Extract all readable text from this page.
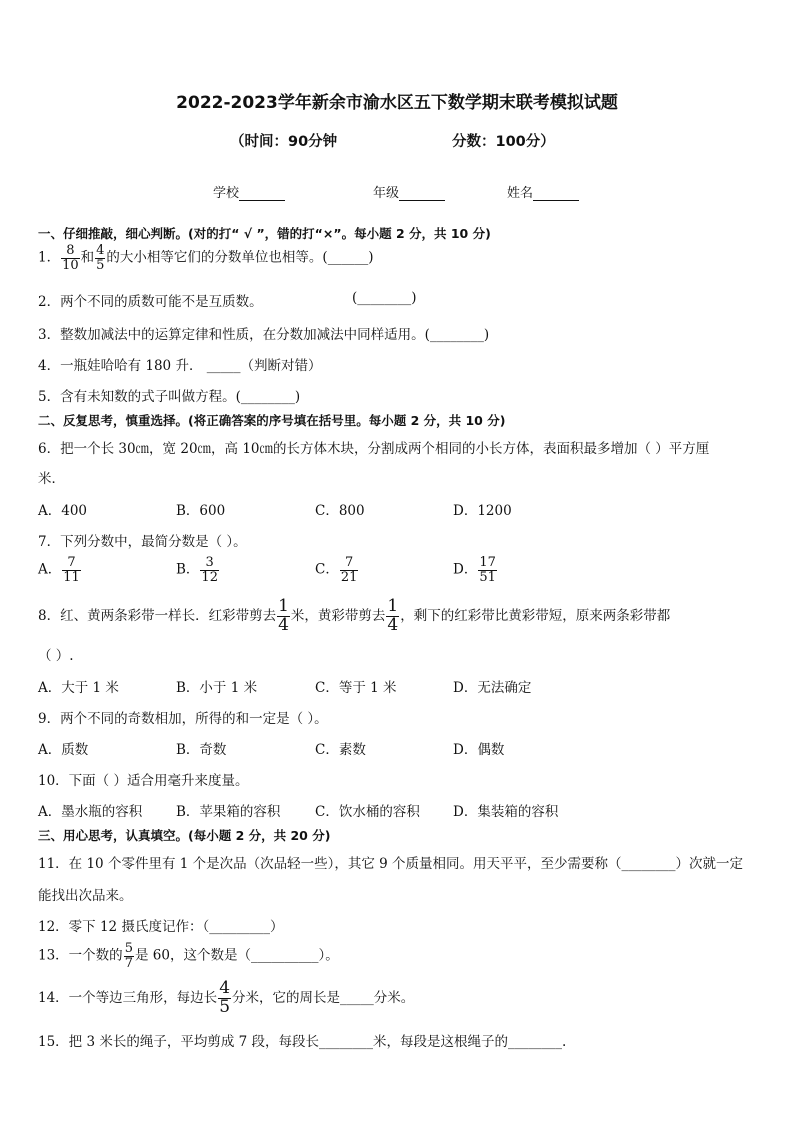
2022-2023学年新余市渝水区五下数学期末联考模拟试题
（时间：90分钟	分数：100分）
学校	年级	姓名
一、仔细推敲，细心判断。(对的打“ √ ”，错的打“×”。每小题 2 分，共 10 分)
1． $\frac{8}{10}$ 和 $\frac{4}{5}$ 的大小相等它们的分数单位也相等。(______)
2．两个不同的质数可能不是互质数。	(________)
3．整数加减法中的运算定律和性质，在分数加减法中同样适用。(________)
4．一瓶娃哈哈有 180 升． _____（判断对错）
5．含有未知数的式子叫做方程。(________)
二、反复思考，慎重选择。(将正确答案的序号填在括号里。每小题 2 分，共 10 分)
6．把一个长 30㎝，宽 20㎝，高 10㎝的长方体木块，分割成两个相同的小长方体，表面积最多增加（ ）平方厘
米．
A．400	B．600	C．800	D．1200
7．下列分数中，最简分数是（ ）。
A． $\frac{7}{11}$	B． $\frac{3}{12}$	C． $\frac{7}{21}$	D． $\frac{17}{51}$
8．红、黄两条彩带一样长．红彩带剪去 $\frac{1}{4}$ 米，黄彩带剪去 $\frac{1}{4}$ ，剩下的红彩带比黄彩带短，原来两条彩带都
（ ）.
A．大于 1 米	B．小于 1 米	C．等于 1 米	D．无法确定
9．两个不同的奇数相加，所得的和一定是（ ）。
A．质数	B．奇数	C．素数	D．偶数
10．下面（ ）适合用毫升来度量。
A．墨水瓶的容积	B．苹果箱的容积	C．饮水桶的容积 D．集装箱的容积
三、用心思考，认真填空。(每小题 2 分，共 20 分)
11．在 10 个零件里有 1 个是次品（次品轻一些），其它 9 个质量相同。用天平平，至少需要称（________）次就一定
能找出次品来。
12．零下 12 摄氏度记作：（_________）
13．一个数的 $\frac{5}{7}$ 是 60，这个数是（__________）。
14．一个等边三角形，每边长 $\frac{4}{5}$ 分米，它的周长是_____分米。
15．把 3 米长的绳子，平均剪成 7 段，每段长________米，每段是这根绳子的________.
